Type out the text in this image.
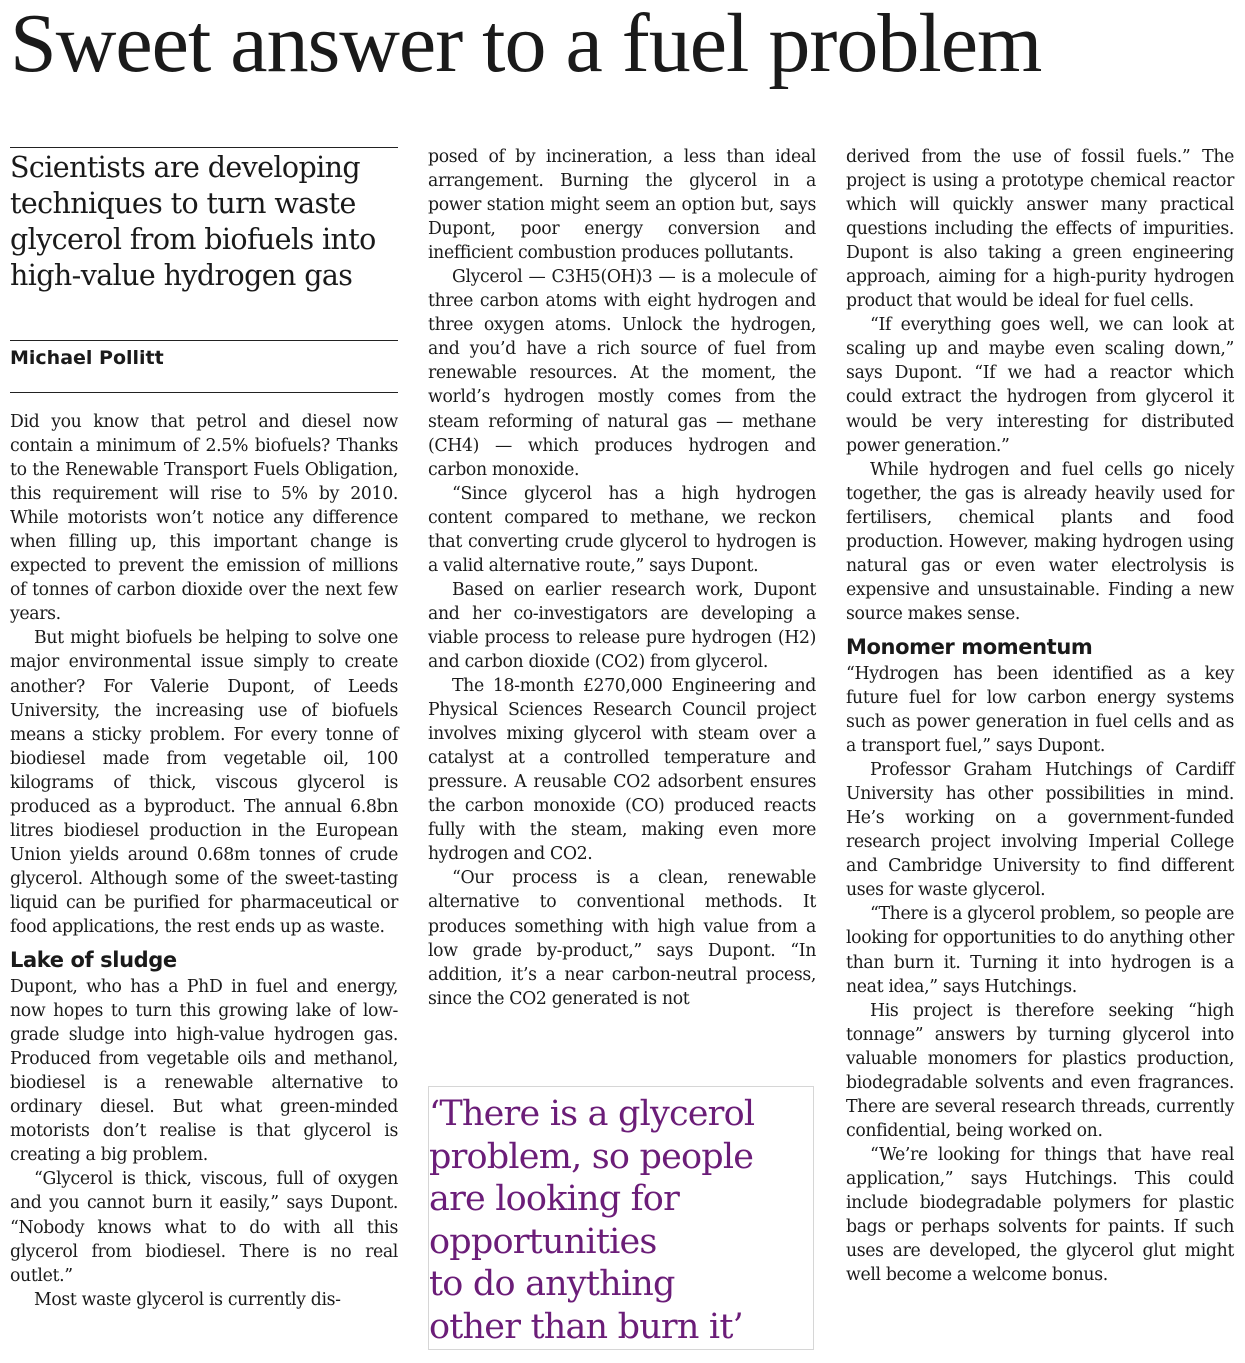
Sweet answer to a fuel problem

Scientists are developing techniques to turn waste glycerol from biofuels into high-value hydrogen gas

Michael Pollitt

Did you know that petrol and diesel now contain a minimum of 2.5% biofuels? Thanks to the Renewable Transport Fuels Obligation, this requirement will rise to 5% by 2010. While motorists won’t notice any difference when filling up, this important change is expected to prevent the emission of millions of tonnes of carbon dioxide over the next few years.

But might biofuels be helping to solve one major environmental issue simply to create another? For Valerie Dupont, of Leeds University, the increasing use of biofuels means a sticky problem. For every tonne of biodiesel made from vegetable oil, 100 kilograms of thick, viscous glycerol is produced as a byproduct. The annual 6.8bn litres biodiesel production in the European Union yields around 0.68m tonnes of crude glycerol. Although some of the sweet-tasting liquid can be purified for pharmaceutical or food applications, the rest ends up as waste.

Lake of sludge

Dupont, who has a PhD in fuel and energy, now hopes to turn this growing lake of low-grade sludge into high-value hydrogen gas. Produced from vegetable oils and methanol, biodiesel is a renewable alternative to ordinary diesel. But what green-minded motorists don’t realise is that glycerol is creating a big problem.

“Glycerol is thick, viscous, full of oxygen and you cannot burn it easily,” says Dupont. “Nobody knows what to do with all this glycerol from biodiesel. There is no real outlet.”

Most waste glycerol is currently dis-

posed of by incineration, a less than ideal arrangement. Burning the glycerol in a power station might seem an option but, says Dupont, poor energy conversion and inefficient combustion produces pollutants.

Glycerol — C3H5(OH)3 — is a molecule of three carbon atoms with eight hydrogen and three oxygen atoms. Unlock the hydrogen, and you’d have a rich source of fuel from renewable resources. At the moment, the world’s hydrogen mostly comes from the steam reforming of natural gas — methane (CH4) — which produces hydrogen and carbon monoxide.

“Since glycerol has a high hydrogen content compared to methane, we reckon that converting crude glycerol to hydrogen is a valid alternative route,” says Dupont.

Based on earlier research work, Dupont and her co-investigators are developing a viable process to release pure hydrogen (H2) and carbon dioxide (CO2) from glycerol.

The 18-month £270,000 Engineering and Physical Sciences Research Council project involves mixing glycerol with steam over a catalyst at a controlled temperature and pressure. A reusable CO2 adsorbent ensures the carbon monoxide (CO) produced reacts fully with the steam, making even more hydrogen and CO2.

“Our process is a clean, renewable alternative to conventional methods. It produces something with high value from a low grade by-product,” says Dupont. “In addition, it’s a near carbon-neutral process, since the CO2 generated is not

‘There is a glycerol
problem, so people
are looking for
opportunities
to do anything
other than burn it’

derived from the use of fossil fuels.” The project is using a prototype chemical reactor which will quickly answer many practical questions including the effects of impurities. Dupont is also taking a green engineering approach, aiming for a high-purity hydrogen product that would be ideal for fuel cells.

“If everything goes well, we can look at scaling up and maybe even scaling down,” says Dupont. “If we had a reactor which could extract the hydrogen from glycerol it would be very interesting for distributed power generation.”

While hydrogen and fuel cells go nicely together, the gas is already heavily used for fertilisers, chemical plants and food production. However, making hydrogen using natural gas or even water electrolysis is expensive and unsustainable. Finding a new source makes sense.

Monomer momentum

“Hydrogen has been identified as a key future fuel for low carbon energy systems such as power generation in fuel cells and as a transport fuel,” says Dupont.

Professor Graham Hutchings of Cardiff University has other possibilities in mind. He’s working on a government-funded research project involving Imperial College and Cambridge University to find different uses for waste glycerol.

“There is a glycerol problem, so people are looking for opportunities to do anything other than burn it. Turning it into hydrogen is a neat idea,” says Hutchings.

His project is therefore seeking “high tonnage” answers by turning glycerol into valuable monomers for plastics production, biodegradable solvents and even fragrances. There are several research threads, currently confidential, being worked on.

“We’re looking for things that have real application,” says Hutchings. This could include biodegradable polymers for plastic bags or perhaps solvents for paints. If such uses are developed, the glycerol glut might well become a welcome bonus.
